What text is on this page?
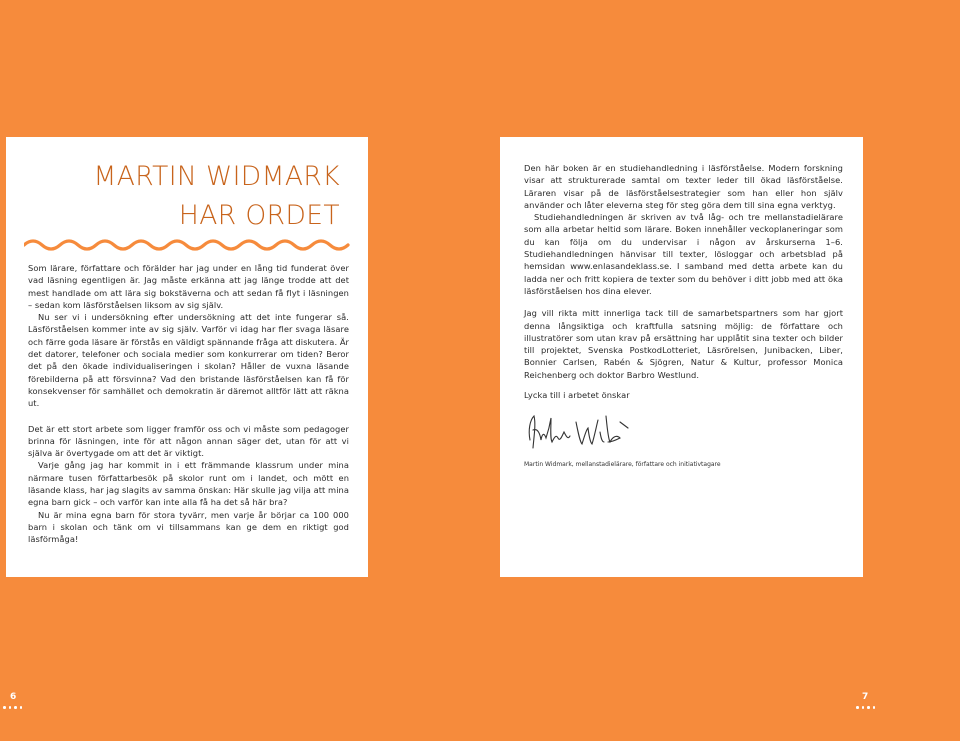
MARTIN WIDMARK
HAR ORDET

Som lärare, författare och förälder har jag under en lång tid funderat över vad läsning egentligen är. Jag måste erkänna att jag länge trodde att det mest handlade om att lära sig bokstäverna och att sedan få flyt i läsningen – sedan kom läsförståelsen liksom av sig själv.
Nu ser vi i undersökning efter undersökning att det inte fungerar så. Läsförståelsen kommer inte av sig själv. Varför vi idag har fler svaga läsare och färre goda läsare är förstås en väldigt spännande fråga att diskutera. Är det datorer, telefoner och sociala medier som konkurrerar om tiden? Beror det på den ökade individualiseringen i skolan? Håller de vuxna läsande förebilderna på att försvinna? Vad den bristande läsförståelsen kan få för konsekvenser för samhället och demokratin är däremot alltför lätt att räkna ut.

Det är ett stort arbete som ligger framför oss och vi måste som pedagoger brinna för läsningen, inte för att någon annan säger det, utan för att vi själva är övertygade om att det är viktigt.
Varje gång jag har kommit in i ett främmande klassrum under mina närmare tusen författarbesök på skolor runt om i landet, och mött en läsande klass, har jag slagits av samma önskan: Här skulle jag vilja att mina egna barn gick – och varför kan inte alla få ha det så här bra?
Nu är mina egna barn för stora tyvärr, men varje år börjar ca 100 000 barn i skolan och tänk om vi tillsammans kan ge dem en riktigt god läsförmåga!

Den här boken är en studiehandledning i läsförståelse. Modern forskning visar att strukturerade samtal om texter leder till ökad läsförståelse. Läraren visar på de läsförståelsestrategier som han eller hon själv använder och låter eleverna steg för steg göra dem till sina egna verktyg.
Studiehandledningen är skriven av två låg- och tre mellanstadielärare som alla arbetar heltid som lärare. Boken innehåller veckoplaneringar som du kan följa om du undervisar i någon av årskurserna 1–6. Studiehandledningen hänvisar till texter, lösloggar och arbetsblad på hemsidan www.enlasandeklass.se. I samband med detta arbete kan du ladda ner och fritt kopiera de texter som du behöver i ditt jobb med att öka läsförståelsen hos dina elever.

Jag vill rikta mitt innerliga tack till de samarbetspartners som har gjort denna långsiktiga och kraftfulla satsning möjlig: de författare och illustratörer som utan krav på ersättning har upplåtit sina texter och bilder till projektet, Svenska PostkodLotteriet, Läsrörelsen, Junibacken, Liber, Bonnier Carlsen, Rabén & Sjögren, Natur & Kultur, professor Monica Reichenberg och doktor Barbro Westlund.

Lycka till i arbetet önskar

Martin Widmark, mellanstadielärare, författare och initiativtagare
6	7
